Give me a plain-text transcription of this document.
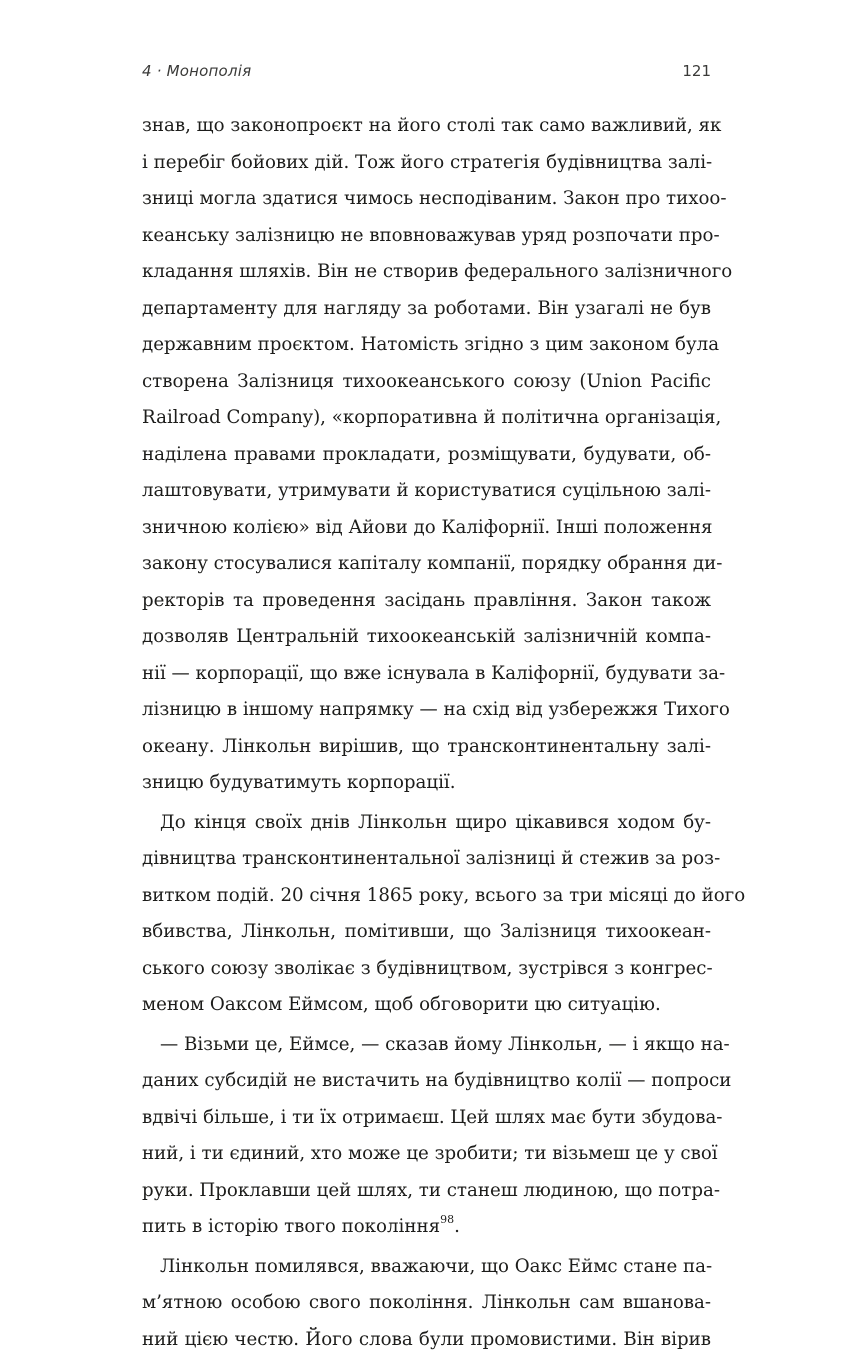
4 · Монополія	121
знав, що законопроєкт на його столі так само важливий, як
і перебіг бойових дій. Тож його стратегія будівництва залі-
зниці могла здатися чимось несподіваним. Закон про тихоо-
кеанську залізницю не вповноважував уряд розпочати про-
кладання шляхів. Він не створив федерального залізничного
департаменту для нагляду за роботами. Він узагалі не був
державним проєктом. Натомість згідно з цим законом була
створена Залізниця тихоокеанського союзу (Union Pacific
Railroad Company), «корпоративна й політична організація,
наділена правами прокладати, розміщувати, будувати, об-
лаштовувати, утримувати й користуватися суцільною залі-
зничною колією» від Айови до Каліфорнії. Інші положення
закону стосувалися капіталу компанії, порядку обрання ди-
ректорів та проведення засідань правління. Закон також
дозволяв Центральній тихоокеанській залізничній компа-
нії — корпорації, що вже існувала в Каліфорнії, будувати за-
лізницю в іншому напрямку — на схід від узбережжя Тихого
океану. Лінкольн вирішив, що трансконтинентальну залі-
зницю будуватимуть корпорації.
До кінця своїх днів Лінкольн щиро цікавився ходом бу-
дівництва трансконтинентальної залізниці й стежив за роз-
витком подій. 20 січня 1865 року, всього за три місяці до його
вбивства, Лінкольн, помітивши, що Залізниця тихоокеан-
ського союзу зволікає з будівництвом, зустрівся з конгрес-
меном Оаксом Еймсом, щоб обговорити цю ситуацію.
— Візьми це, Еймсе, — сказав йому Лінкольн, — і якщо на-
даних субсидій не вистачить на будівництво колії — попроси
вдвічі більше, і ти їх отримаєш. Цей шлях має бути збудова-
ний, і ти єдиний, хто може це зробити; ти візьмеш це у свої
руки. Проклавши цей шлях, ти станеш людиною, що потра-
пить в історію твого покоління$^{98}$.
Лінкольн помилявся, вважаючи, що Оакс Еймс стане па-
м’ятною особою свого покоління. Лінкольн сам вшанова-
ний цією честю. Його слова були промовистими. Він вірив
